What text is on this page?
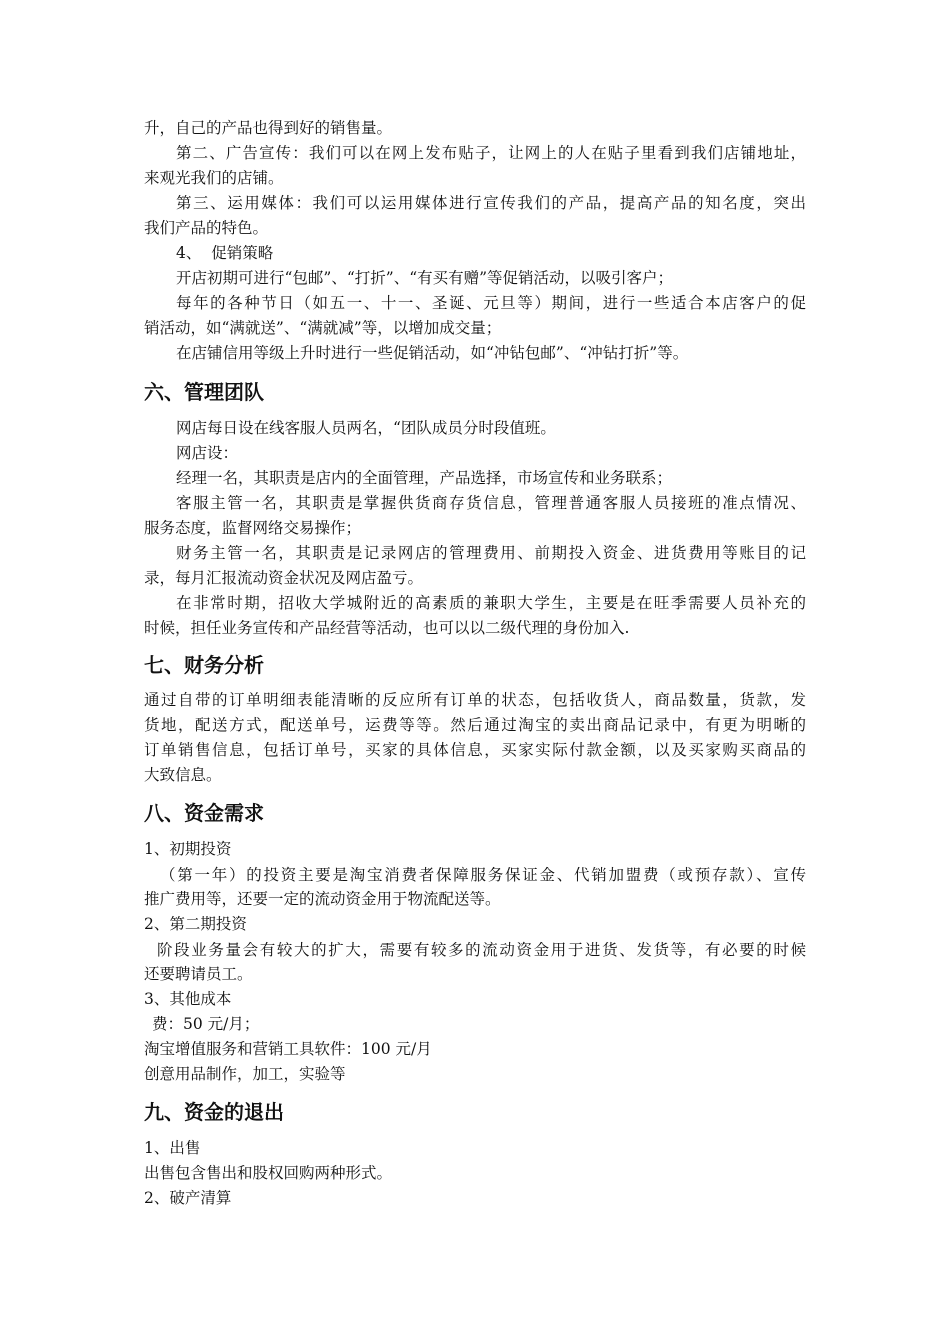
升，自己的产品也得到好的销售量。
第二、广告宣传：我们可以在网上发布贴子，让网上的人在贴子里看到我们店铺地址，
来观光我们的店铺。
第三、运用媒体：我们可以运用媒体进行宣传我们的产品，提高产品的知名度，突出
我们产品的特色。
4、  促销策略
开店初期可进行“包邮”、“打折”、“有买有赠”等促销活动，以吸引客户；
每年的各种节日（如五一、十一、圣诞、元旦等）期间，进行一些适合本店客户的促
销活动，如“满就送”、“满就减”等，以增加成交量；
在店铺信用等级上升时进行一些促销活动，如“冲钻包邮”、“冲钻打折”等。
六、管理团队
网店每日设在线客服人员两名，“团队成员分时段值班。
网店设：
经理一名，其职责是店内的全面管理，产品选择，市场宣传和业务联系；
客服主管一名，其职责是掌握供货商存货信息，管理普通客服人员接班的准点情况、
服务态度，监督网络交易操作；
财务主管一名，其职责是记录网店的管理费用、前期投入资金、进货费用等账目的记
录，每月汇报流动资金状况及网店盈亏。
在非常时期，招收大学城附近的高素质的兼职大学生，主要是在旺季需要人员补充的
时候，担任业务宣传和产品经营等活动，也可以以二级代理的身份加入.
七、财务分析
通过自带的订单明细表能清晰的反应所有订单的状态，包括收货人，商品数量，货款，发
货地，配送方式，配送单号，运费等等。然后通过淘宝的卖出商品记录中，有更为明晰的
订单销售信息，包括订单号，买家的具体信息，买家实际付款金额，以及买家购买商品的
大致信息。
八、资金需求
1、初期投资
（第一年）的投资主要是淘宝消费者保障服务保证金、代销加盟费（或预存款）、宣传
推广费用等，还要一定的流动资金用于物流配送等。
2、第二期投资
阶段业务量会有较大的扩大，需要有较多的流动资金用于进货、发货等，有必要的时候
还要聘请员工。
3、其他成本
费：50 元/月；
淘宝增值服务和营销工具软件：100 元/月
创意用品制作，加工，实验等
九、资金的退出
1、出售
出售包含售出和股权回购两种形式。
2、破产清算
